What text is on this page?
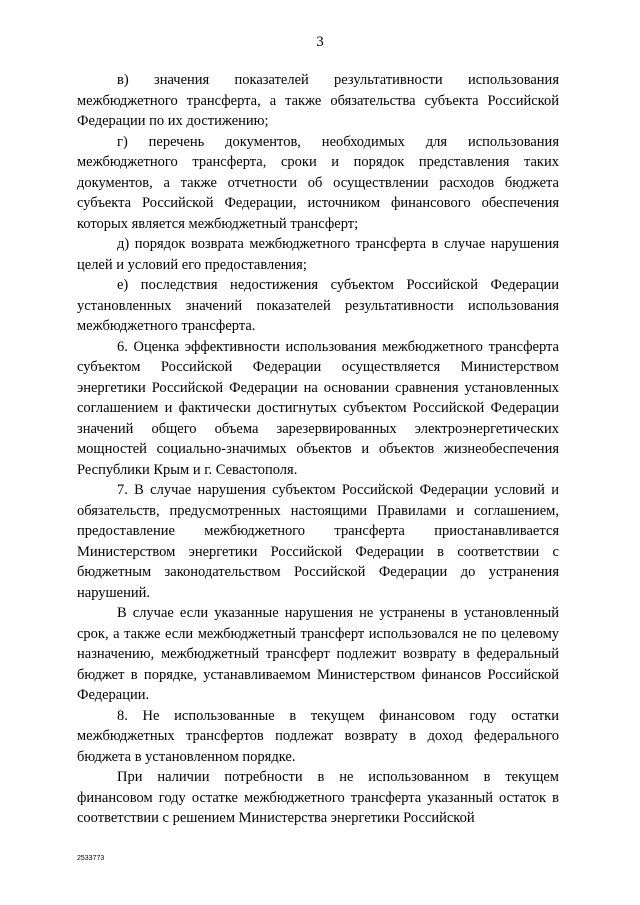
3

в) значения показателей результативности использования межбюджетного трансферта, а также обязательства субъекта Российской Федерации по их достижению;

г) перечень документов, необходимых для использования межбюджетного трансферта, сроки и порядок представления таких документов, а также отчетности об осуществлении расходов бюджета субъекта Российской Федерации, источником финансового обеспечения которых является межбюджетный трансферт;

д) порядок возврата межбюджетного трансферта в случае нарушения целей и условий его предоставления;

е) последствия недостижения субъектом Российской Федерации установленных значений показателей результативности использования межбюджетного трансферта.

6. Оценка эффективности использования межбюджетного трансферта субъектом Российской Федерации осуществляется Министерством энергетики Российской Федерации на основании сравнения установленных соглашением и фактически достигнутых субъектом Российской Федерации значений общего объема зарезервированных электроэнергетических мощностей социально-значимых объектов и объектов жизнеобеспечения Республики Крым и г. Севастополя.

7. В случае нарушения субъектом Российской Федерации условий и обязательств, предусмотренных настоящими Правилами и соглашением, предоставление межбюджетного трансферта приостанавливается Министерством энергетики Российской Федерации в соответствии с бюджетным законодательством Российской Федерации до устранения нарушений.

В случае если указанные нарушения не устранены в установленный срок, а также если межбюджетный трансферт использовался не по целевому назначению, межбюджетный трансферт подлежит возврату в федеральный бюджет в порядке, устанавливаемом Министерством финансов Российской Федерации.

8. Не использованные в текущем финансовом году остатки межбюджетных трансфертов подлежат возврату в доход федерального бюджета в установленном порядке.

При наличии потребности в не использованном в текущем финансовом году остатке межбюджетного трансферта указанный остаток в соответствии с решением Министерства энергетики Российской

2533773
